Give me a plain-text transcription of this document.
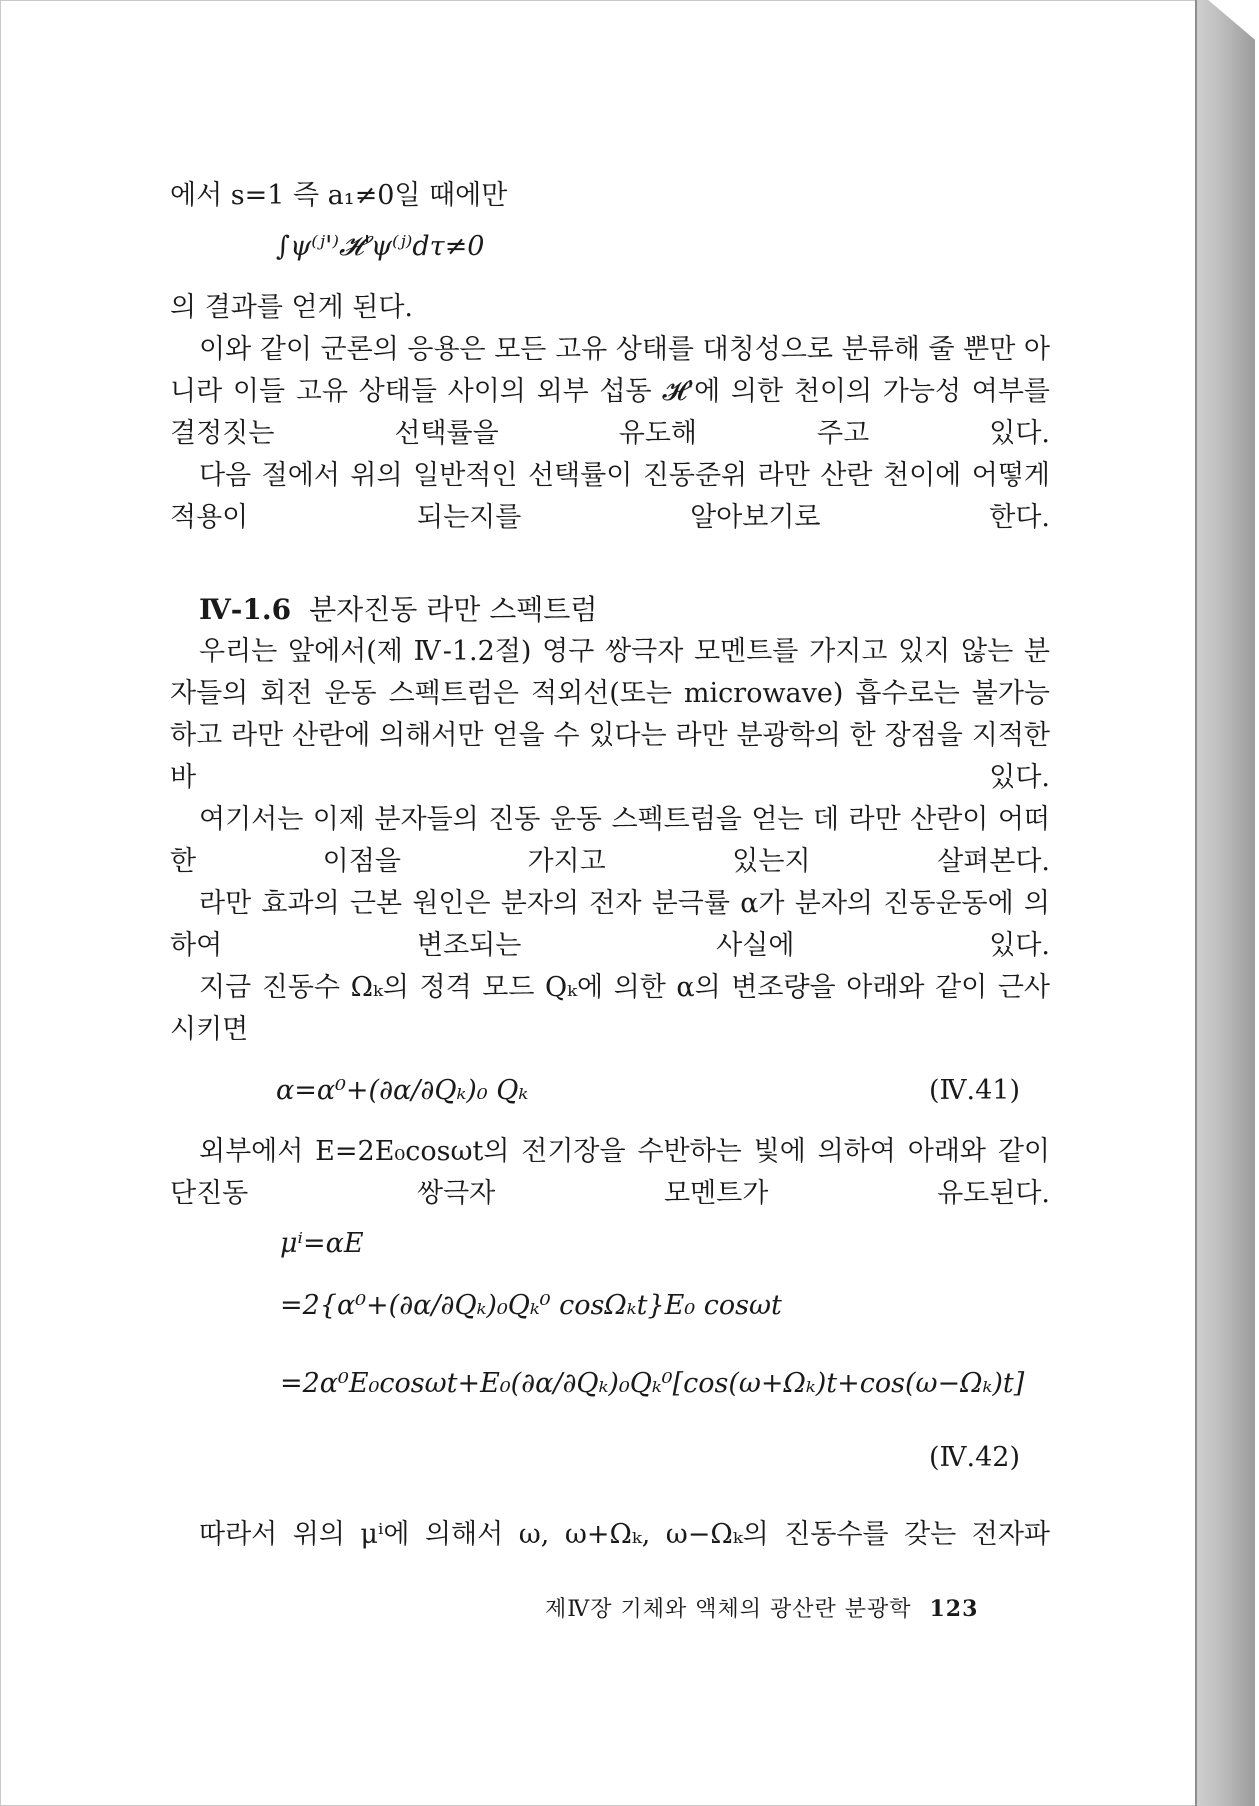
에서 s=1 즉 a₁≠0일 때에만

∫ψ⁽ʲ'⁾𝓗'ψ⁽ʲ⁾dτ≠0

의 결과를 얻게 된다.

이와 같이 군론의 응용은 모든 고유 상태를 대칭성으로 분류해 줄 뿐만 아니라 이들 고유 상태들 사이의 외부 섭동 𝓗'에 의한 천이의 가능성 여부를 결정짓는 선택률을 유도해 주고 있다.

다음 절에서 위의 일반적인 선택률이 진동준위 라만 산란 천이에 어떻게 적용이 되는지를 알아보기로 한다.

Ⅳ-1.6 분자진동 라만 스펙트럼

우리는 앞에서(제 Ⅳ-1.2절) 영구 쌍극자 모멘트를 가지고 있지 않는 분자들의 회전 운동 스펙트럼은 적외선(또는 microwave) 흡수로는 불가능하고 라만 산란에 의해서만 얻을 수 있다는 라만 분광학의 한 장점을 지적한 바 있다.

여기서는 이제 분자들의 진동 운동 스펙트럼을 얻는 데 라만 산란이 어떠한 이점을 가지고 있는지 살펴본다.

라만 효과의 근본 원인은 분자의 전자 분극률 α가 분자의 진동운동에 의하여 변조되는 사실에 있다.

지금 진동수 Ωₖ의 정격 모드 Qₖ에 의한 α의 변조량을 아래와 같이 근사시키면

α=α⁰+(∂α/∂Qₖ)₀ Qₖ	(Ⅳ.41)

외부에서 E=2E₀cosωt의 전기장을 수반하는 빛에 의하여 아래와 같이 단진동 쌍극자 모멘트가 유도된다.

μⁱ=αE
=2{α⁰+(∂α/∂Qₖ)₀Qₖ⁰ cosΩₖt}E₀ cosωt
=2α⁰E₀cosωt+E₀(∂α/∂Qₖ)₀Qₖ⁰[cos(ω+Ωₖ)t+cos(ω−Ωₖ)t]
(Ⅳ.42)

따라서 위의 μⁱ에 의해서 ω, ω+Ωₖ, ω−Ωₖ의 진동수를 갖는 전자파

제Ⅳ장 기체와 액체의 광산란 분광학 123
